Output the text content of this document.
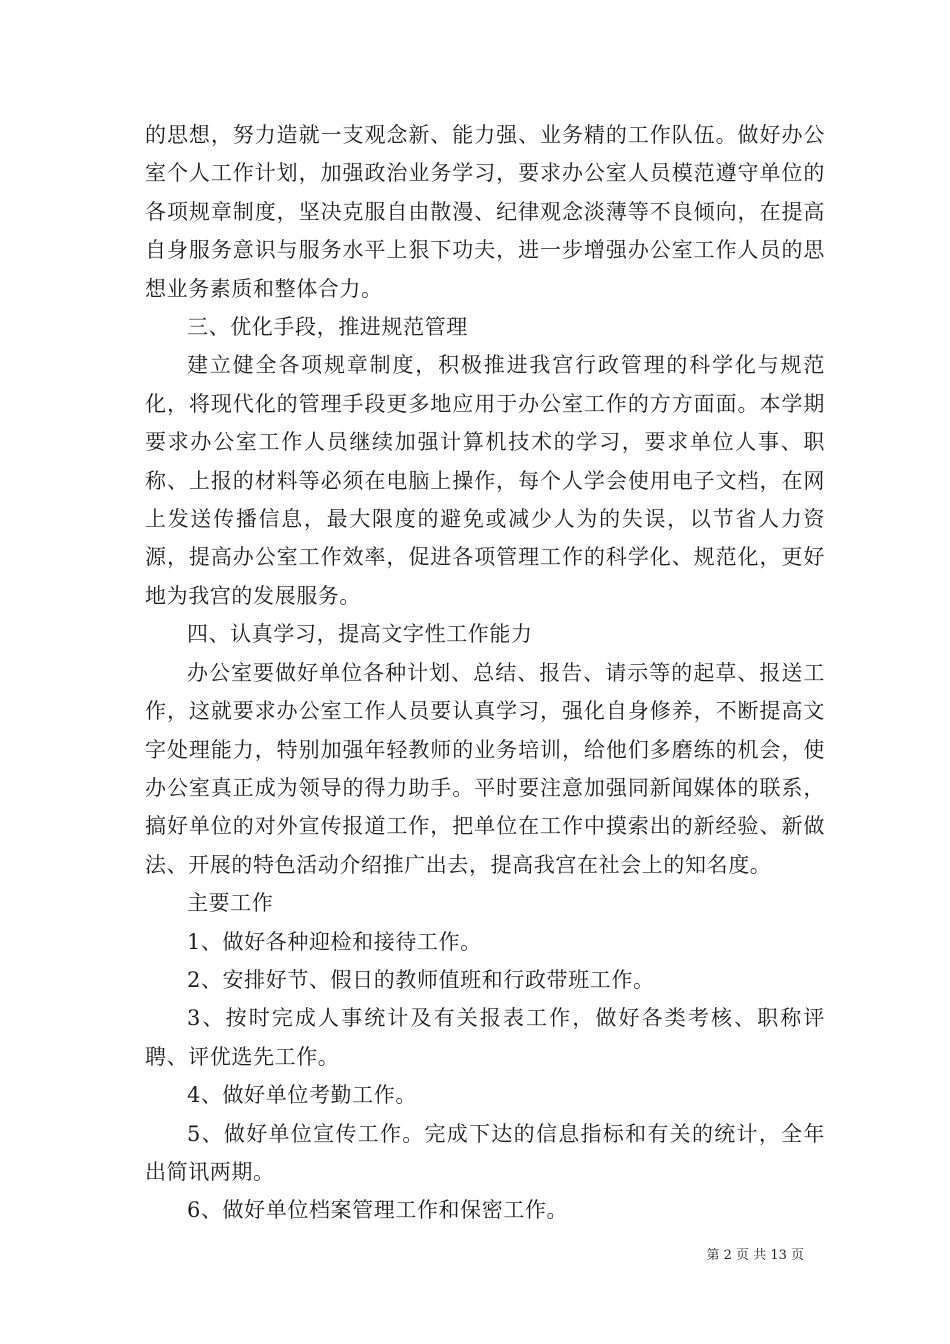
的思想，努力造就一支观念新、能力强、业务精的工作队伍。做好办公室个人工作计划，加强政治业务学习，要求办公室人员模范遵守单位的各项规章制度，坚决克服自由散漫、纪律观念淡薄等不良倾向，在提高自身服务意识与服务水平上狠下功夫，进一步增强办公室工作人员的思想业务素质和整体合力。

三、优化手段，推进规范管理

建立健全各项规章制度，积极推进我宫行政管理的科学化与规范化，将现代化的管理手段更多地应用于办公室工作的方方面面。本学期要求办公室工作人员继续加强计算机技术的学习，要求单位人事、职称、上报的材料等必须在电脑上操作，每个人学会使用电子文档，在网上发送传播信息，最大限度的避免或减少人为的失误，以节省人力资源，提高办公室工作效率，促进各项管理工作的科学化、规范化，更好地为我宫的发展服务。

四、认真学习，提高文字性工作能力

办公室要做好单位各种计划、总结、报告、请示等的起草、报送工作，这就要求办公室工作人员要认真学习，强化自身修养，不断提高文字处理能力，特别加强年轻教师的业务培训，给他们多磨练的机会，使办公室真正成为领导的得力助手。平时要注意加强同新闻媒体的联系，搞好单位的对外宣传报道工作，把单位在工作中摸索出的新经验、新做法、开展的特色活动介绍推广出去，提高我宫在社会上的知名度。

主要工作

1、做好各种迎检和接待工作。

2、安排好节、假日的教师值班和行政带班工作。

3、按时完成人事统计及有关报表工作，做好各类考核、职称评聘、评优选先工作。

4、做好单位考勤工作。

5、做好单位宣传工作。完成下达的信息指标和有关的统计，全年出简讯两期。

6、做好单位档案管理工作和保密工作。

第 2 页 共 13 页
